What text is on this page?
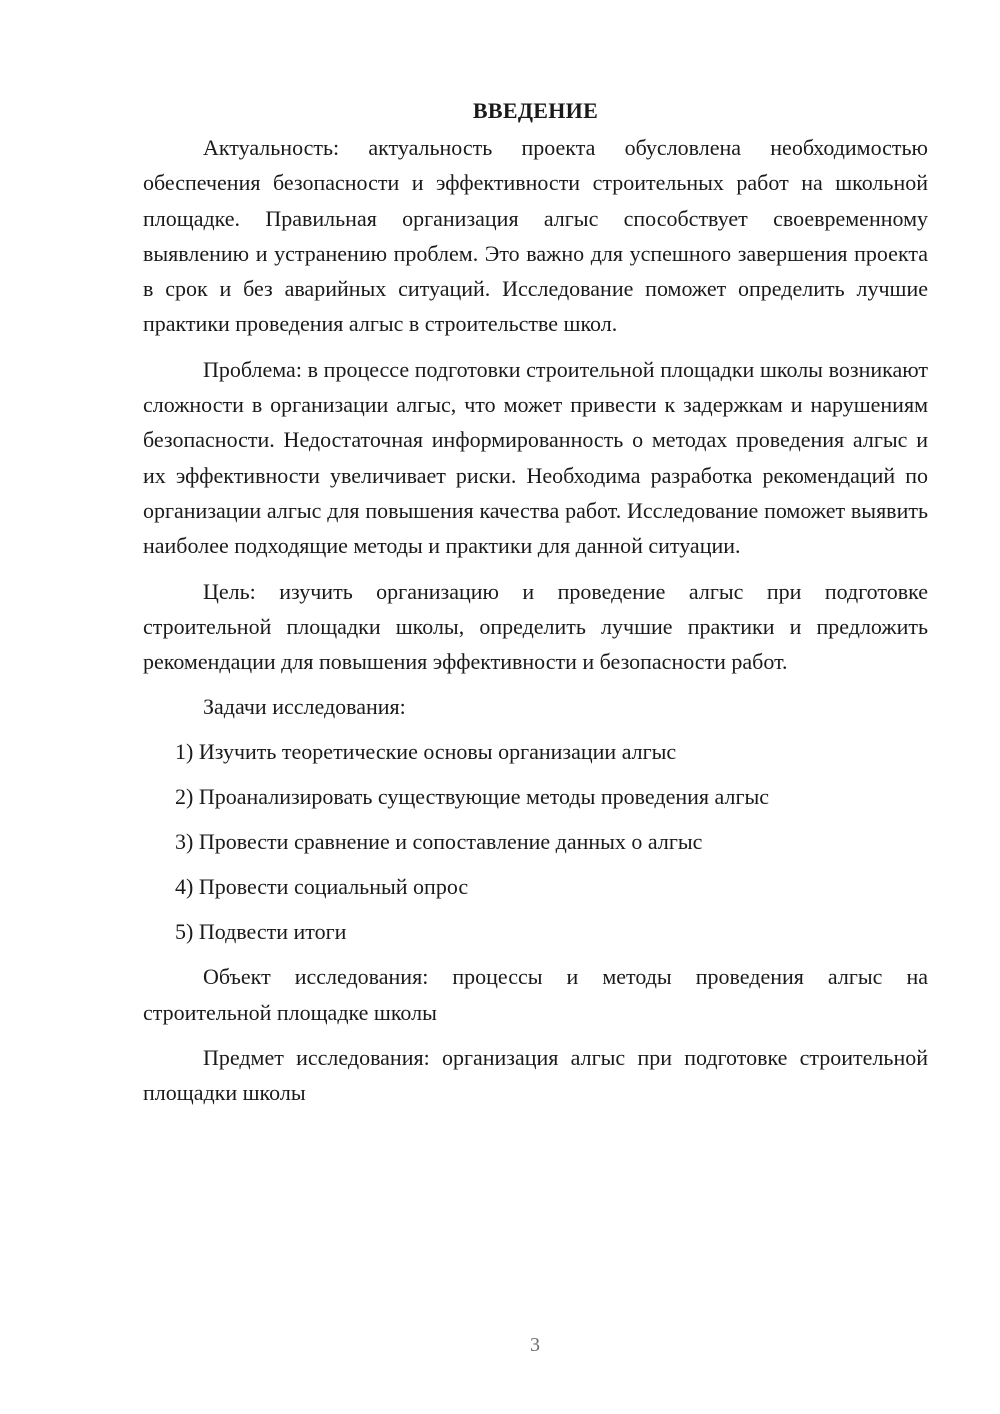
ВВЕДЕНИЕ

Актуальность: актуальность проекта обусловлена необходимостью обеспечения безопасности и эффективности строительных работ на школьной площадке. Правильная организация алгыс способствует своевременному выявлению и устранению проблем. Это важно для успешного завершения проекта в срок и без аварийных ситуаций. Исследование поможет определить лучшие практики проведения алгыс в строительстве школ.

Проблема: в процессе подготовки строительной площадки школы возникают сложности в организации алгыс, что может привести к задержкам и нарушениям безопасности. Недостаточная информированность о методах проведения алгыс и их эффективности увеличивает риски. Необходима разработка рекомендаций по организации алгыс для повышения качества работ. Исследование поможет выявить наиболее подходящие методы и практики для данной ситуации.

Цель: изучить организацию и проведение алгыс при подготовке строительной площадки школы, определить лучшие практики и предложить рекомендации для повышения эффективности и безопасности работ.

Задачи исследования:

1) Изучить теоретические основы организации алгыс

2) Проанализировать существующие методы проведения алгыс

3) Провести сравнение и сопоставление данных о алгыс

4) Провести социальный опрос

5) Подвести итоги

Объект исследования: процессы и методы проведения алгыс на строительной площадке школы

Предмет исследования: организация алгыс при подготовке строительной площадки школы

3
